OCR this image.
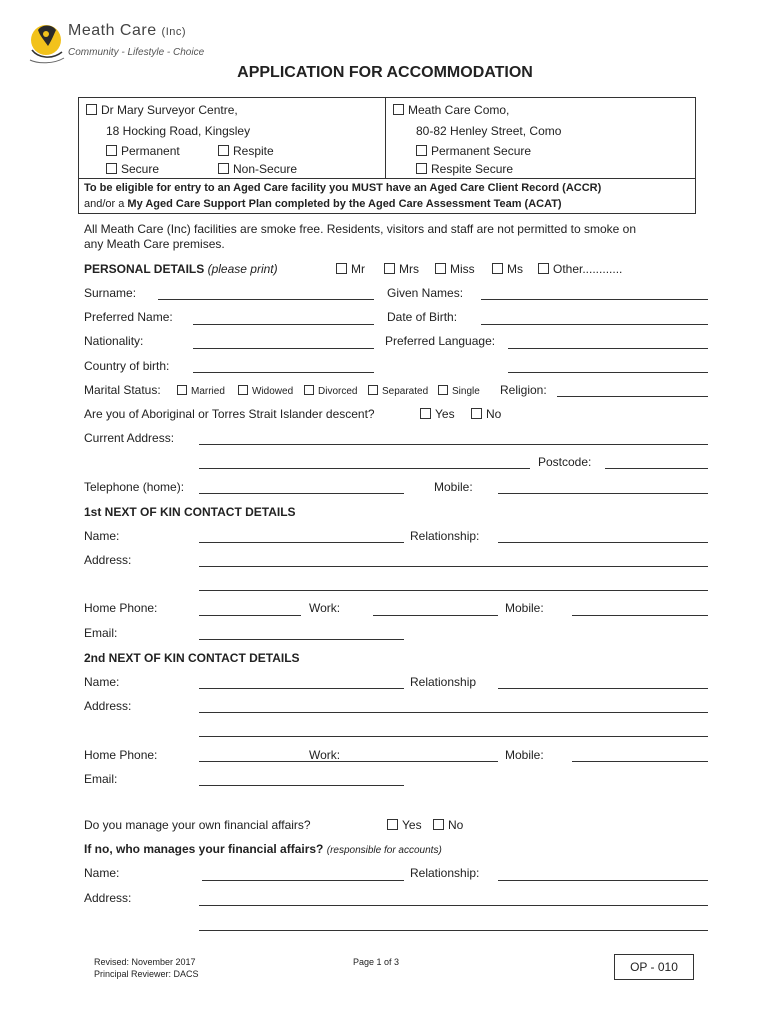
Meath Care (Inc)
Community - Lifestyle - Choice
APPLICATION FOR ACCOMMODATION
Dr Mary Surveyor Centre,
18 Hocking Road, Kingsley
Permanent	Respite
Secure	Non-Secure
Meath Care Como,
80-82 Henley Street, Como
Permanent Secure
Respite Secure
To be eligible for entry to an Aged Care facility you MUST have an Aged Care Client Record (ACCR)
and/or a My Aged Care Support Plan completed by the Aged Care Assessment Team (ACAT)
All Meath Care (Inc) facilities are smoke free. Residents, visitors and staff are not permitted to smoke on
any Meath Care premises.
PERSONAL DETAILS (please print)	Mr	Mrs	Miss	Ms	Other............
Surname:	Given Names:
Preferred Name:	Date of Birth:
Nationality:	Preferred Language:
Country of birth:
Marital Status:	Married	Widowed	Divorced	Separated	Single Religion:
Are you of Aboriginal or Torres Strait Islander descent?	Yes	No
Current Address:
Postcode:
Telephone (home):	Mobile:
1st NEXT OF KIN CONTACT DETAILS
Name:	Relationship:
Address:
Home Phone:	Work:	Mobile:
Email:
2nd NEXT OF KIN CONTACT DETAILS
Name:	Relationship
Address:
Home Phone:	Work:	Mobile:
Email:
Do you manage your own financial affairs?	Yes	No
If no, who manages your financial affairs? (responsible for accounts)
Name:	Relationship:
Address:
Revised: November 2017
Principal Reviewer: DACS
Page 1 of 3	OP - 010
